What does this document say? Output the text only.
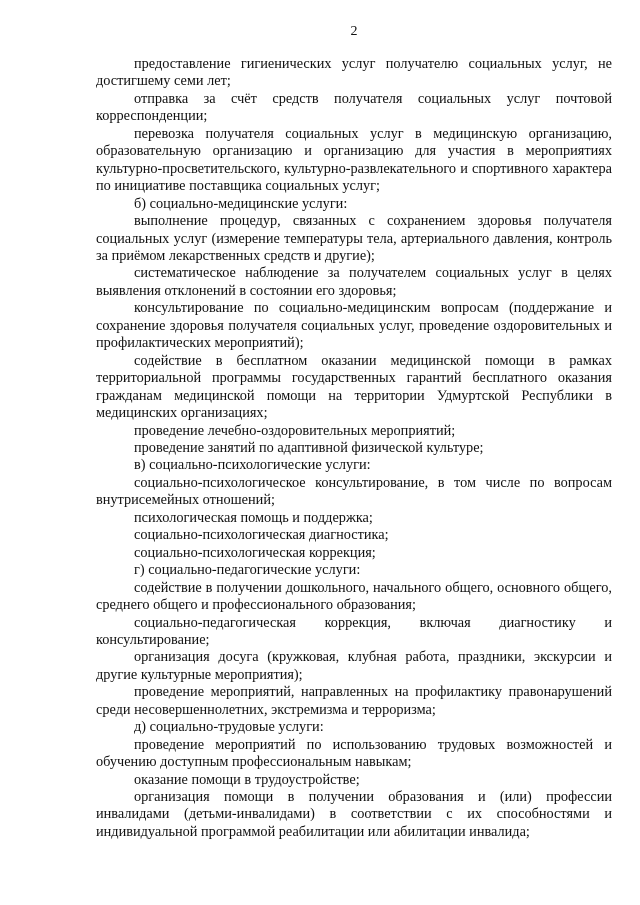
2

предоставление гигиенических услуг получателю социальных услуг, не достигшему семи лет;

отправка за счёт средств получателя социальных услуг почтовой корреспонденции;

перевозка получателя социальных услуг в медицинскую организацию, образовательную организацию и организацию для участия в мероприятиях культурно-просветительского, культурно-развлекательного и спортивного характера по инициативе поставщика социальных услуг;

б) социально-медицинские услуги:

выполнение процедур, связанных с сохранением здоровья получателя социальных услуг (измерение температуры тела, артериального давления, контроль за приёмом лекарственных средств и другие);

систематическое наблюдение за получателем социальных услуг в целях выявления отклонений в состоянии его здоровья;

консультирование по социально-медицинским вопросам (поддержание и сохранение здоровья получателя социальных услуг, проведение оздоровительных и профилактических мероприятий);

содействие в бесплатном оказании медицинской помощи в рамках территориальной программы государственных гарантий бесплатного оказания гражданам медицинской помощи на территории Удмуртской Республики в медицинских организациях;

проведение лечебно-оздоровительных мероприятий;

проведение занятий по адаптивной физической культуре;

в) социально-психологические услуги:

социально-психологическое консультирование, в том числе по вопросам внутрисемейных отношений;

психологическая помощь и поддержка;

социально-психологическая диагностика;

социально-психологическая коррекция;

г) социально-педагогические услуги:

содействие в получении дошкольного, начального общего, основного общего, среднего общего и профессионального образования;

социально-педагогическая коррекция, включая диагностику и консультирование;

организация досуга (кружковая, клубная работа, праздники, экскурсии и другие культурные мероприятия);

проведение мероприятий, направленных на профилактику правонарушений среди несовершеннолетних, экстремизма и терроризма;

д) социально-трудовые услуги:

проведение мероприятий по использованию трудовых возможностей и обучению доступным профессиональным навыкам;

оказание помощи в трудоустройстве;

организация помощи в получении образования и (или) профессии инвалидами (детьми-инвалидами) в соответствии с их способностями и индивидуальной программой реабилитации или абилитации инвалида;
